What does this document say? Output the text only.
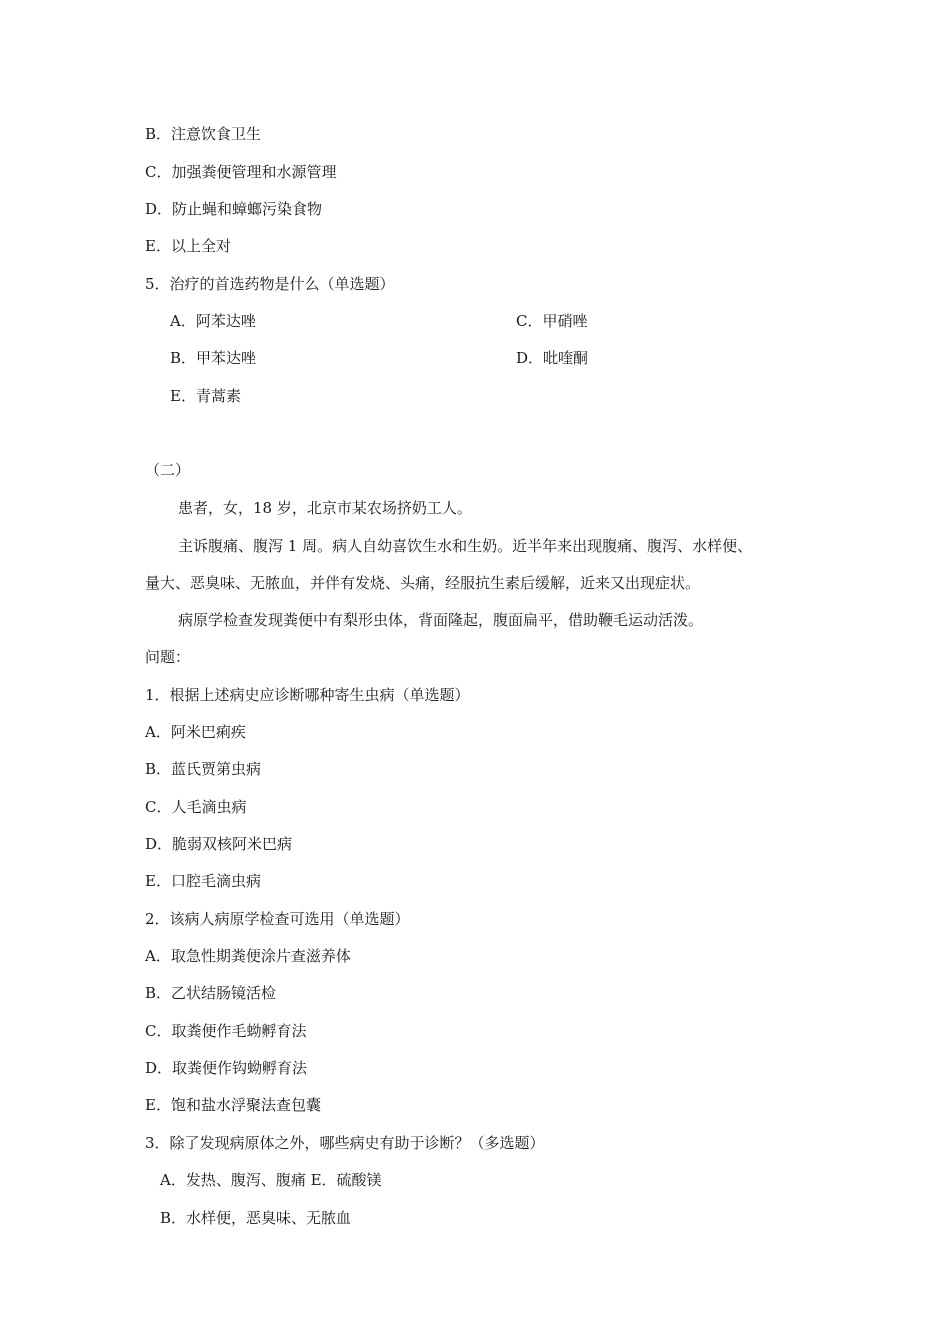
B．注意饮食卫生
C．加强粪便管理和水源管理
D．防止蝇和蟑螂污染食物
E．以上全对
5．治疗的首选药物是什么（单选题）
A．阿苯达唑	C．甲硝唑
B．甲苯达唑	D．吡喹酮
E．青蒿素
（二）
患者，女，18 岁，北京市某农场挤奶工人。
主诉腹痛、腹泻 1 周。病人自幼喜饮生水和生奶。近半年来出现腹痛、腹泻、水样便、
量大、恶臭味、无脓血，并伴有发烧、头痛，经服抗生素后缓解，近来又出现症状。
病原学检查发现粪便中有梨形虫体，背面隆起，腹面扁平，借助鞭毛运动活泼。
问题：
1．根据上述病史应诊断哪种寄生虫病（单选题）
A．阿米巴痢疾
B．蓝氏贾第虫病
C．人毛滴虫病
D．脆弱双核阿米巴病
E．口腔毛滴虫病
2．该病人病原学检查可选用（单选题）
A．取急性期粪便涂片查滋养体
B．乙状结肠镜活检
C．取粪便作毛蚴孵育法
D．取粪便作钩蚴孵育法
E．饱和盐水浮聚法查包囊
3．除了发现病原体之外，哪些病史有助于诊断？（多选题）
A．发热、腹泻、腹痛 E．硫酸镁
B．水样便，恶臭味、无脓血
